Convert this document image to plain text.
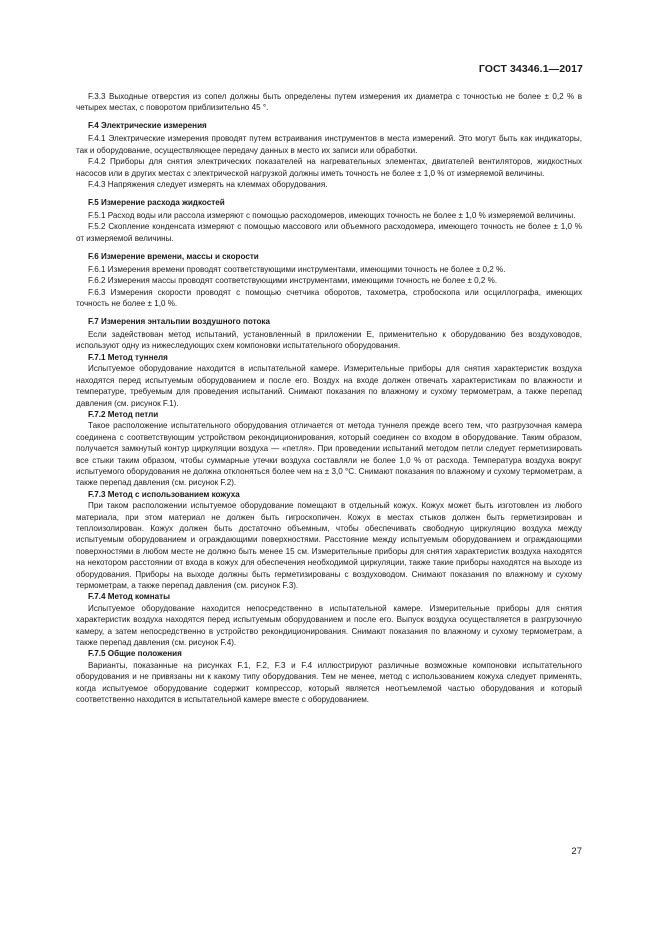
ГОСТ 34346.1—2017

F.3.3 Выходные отверстия из сопел должны быть определены путем измерения их диаметра с точностью не более ± 0,2 % в четырех местах, с поворотом приблизительно 45 °.

F.4 Электрические измерения

F.4.1 Электрические измерения проводят путем встраивания инструментов в места измерений. Это могут быть как индикаторы, так и оборудование, осуществляющее передачу данных в место их записи или обработки.

F.4.2 Приборы для снятия электрических показателей на нагревательных элементах, двигателей вентиляторов, жидкостных насосов или в других местах с электрической нагрузкой должны иметь точность не более ± 1,0 % от измеряемой величины.

F.4.3 Напряжения следует измерять на клеммах оборудования.

F.5 Измерение расхода жидкостей

F.5.1 Расход воды или рассола измеряют с помощью расходомеров, имеющих точность не более ± 1,0 % измеряемой величины.

F.5.2 Скопление конденсата измеряют с помощью массового или объемного расходомера, имеющего точность не более ± 1,0 % от измеряемой величины.

F.6 Измерение времени, массы и скорости

F.6.1 Измерения времени проводят соответствующими инструментами, имеющими точность не более ± 0,2 %.

F.6.2 Измерения массы проводят соответствующими инструментами, имеющими точность не более ± 0,2 %.

F.6.3 Измерения скорости проводят с помощью счетчика оборотов, тахометра, стробоскопа или осциллографа, имеющих точность не более ± 1,0 %.

F.7 Измерения энтальпии воздушного потока

Если задействован метод испытаний, установленный в приложении Е, применительно к оборудованию без воздуховодов, используют одну из нижеследующих схем компоновки испытательного оборудования.

F.7.1 Метод туннеля

Испытуемое оборудование находится в испытательной камере. Измерительные приборы для снятия характеристик воздуха находятся перед испытуемым оборудованием и после его. Воздух на входе должен отвечать характеристикам по влажности и температуре, требуемым для проведения испытаний. Снимают показания по влажному и сухому термометрам, а также перепад давления (см. рисунок F.1).

F.7.2 Метод петли

Такое расположение испытательного оборудования отличается от метода туннеля прежде всего тем, что разгрузочная камера соединена с соответствующим устройством рекондиционирования, который соединен со входом в оборудование. Таким образом, получается замкнутый контур циркуляции воздуха — «петля». При проведении испытаний методом петли следует герметизировать все стыки таким образом, чтобы суммарные утечки воздуха составляли не более 1,0 % от расхода. Температура воздуха вокруг испытуемого оборудования не должна отклоняться более чем на ± 3,0 °С. Снимают показания по влажному и сухому термометрам, а также перепад давления (см. рисунок F.2).

F.7.3 Метод с использованием кожуха

При таком расположении испытуемое оборудование помещают в отдельный кожух. Кожух может быть изготовлен из любого материала, при этом материал не должен быть гигроскопичен. Кожух в местах стыков должен быть герметизирован и теплоизолирован. Кожух должен быть достаточно объемным, чтобы обеспечивать свободную циркуляцию воздуха между испытуемым оборудованием и ограждающими поверхностями. Расстояние между испытуемым оборудованием и ограждающими поверхностями в любом месте не должно быть менее 15 см. Измерительные приборы для снятия характеристик воздуха находятся на некотором расстоянии от входа в кожух для обеспечения необходимой циркуляции, также такие приборы находятся на выходе из оборудования. Приборы на выходе должны быть герметизированы с воздуховодом. Снимают показания по влажному и сухому термометрам, а также перепад давления (см. рисунок F.3).

F.7.4 Метод комнаты

Испытуемое оборудование находится непосредственно в испытательной камере. Измерительные приборы для снятия характеристик воздуха находятся перед испытуемым оборудованием и после его. Выпуск воздуха осуществляется в разгрузочную камеру, а затем непосредственно в устройство рекондиционирования. Снимают показания по влажному и сухому термометрам, а также перепад давления (см. рисунок F.4).

F.7.5 Общие положения

Варианты, показанные на рисунках F.1, F.2, F.3 и F.4 иллюстрируют различные возможные компоновки испытательного оборудования и не привязаны ни к какому типу оборудования. Тем не менее, метод с использованием кожуха следует применять, когда испытуемое оборудование содержит компрессор, который является неотъемлемой частью оборудования и который соответственно находится в испытательной камере вместе с оборудованием.

27
